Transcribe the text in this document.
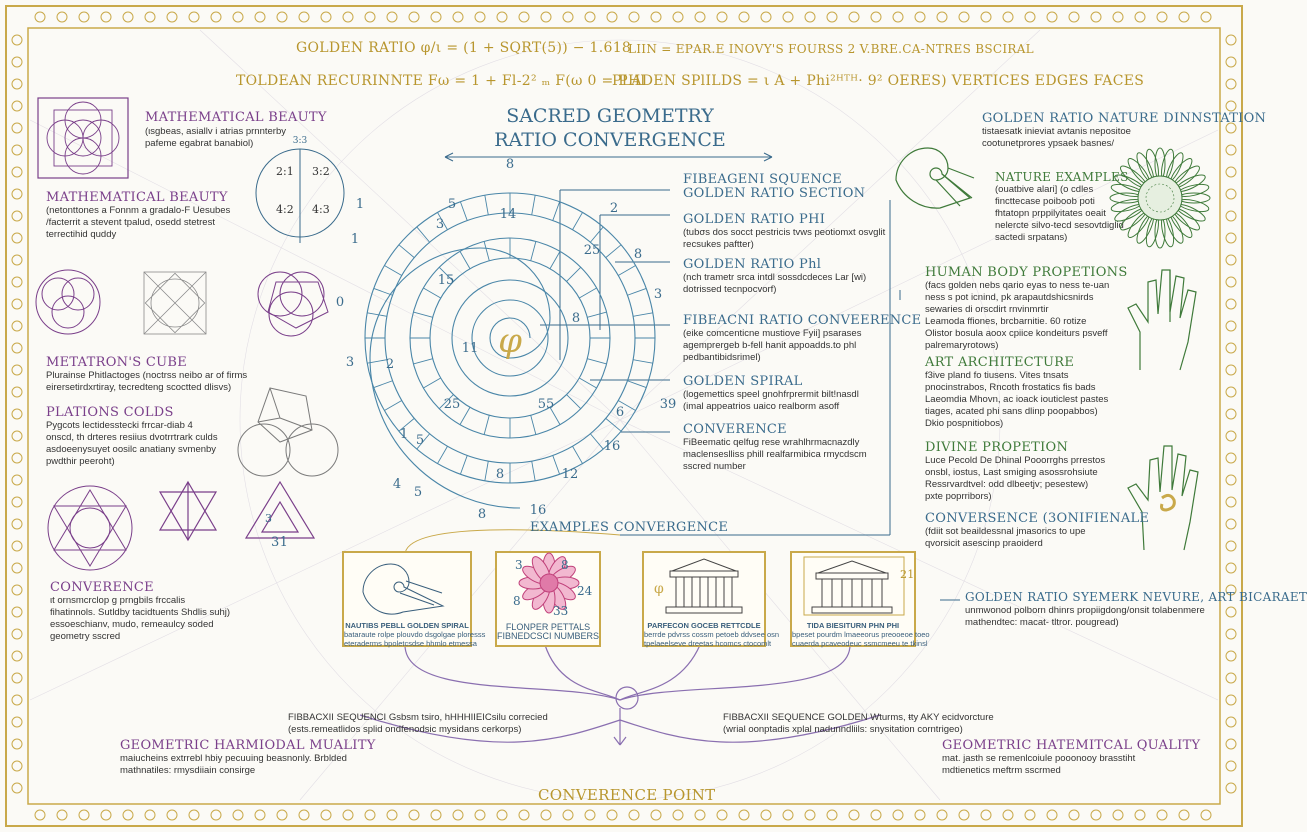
GOLDEN RATIO φ/ι = (1 + SQRT(5)) − 1.618
LIIN = ΕΡΑR.Ε ΙΝΟVΥ'S FOURSS 2 V.ΒRΕ.CΑ-ΝΤRΕS ΒSCIRAL
ΤOLDEAN RECURINNTE Fω = 1 + Fl-2² ₘ F(ω 0 = PHl
PLADEN SPlILDS = ι A + Phi²ᴴᵀᴴ· 9² OERES) VERTICES EDGES FACES
SACRED GEOMETRY
RATIO CONVERGENCE
MATHEMATICAL BEAUTY
(ιsgbeas, asiallv i atrias prnnterby
pafeme egabrat banabiol)	3:3
2:1 3:2
4:2 4:3
MATHEMATICAL BEAUTY
(netonttones a Fonnm a gradalo-F Uesubes
/facterrit a stevent tpalud, osedd stetrest
terrectihid quddy
METATRON'S CUBE
Plurainse Phitlactoges (noctrss neibo ar of firms
eirersetirdxrtiray, tecredteng scoctted dlisvs)
PLATIONS COLDS
Pygcots lectidesstecki frrcar-diab 4
onscd, th drteres resiius dvotrrtrark culds
asdoeenysuyet oosilc anatiany svmenby
pwdthir peeroht)
3
31
CONVERENCE
ιt ornsmcrclop g prngbils frccalis
fihatinnols. Sutldby tacidtuents Shdlis suhj)
essoeschianv, mudo, remeaulcy soded
geometry sscred
5
4
1
2
3
8
0
1
8	16
12
16
39
3
2
14
1
3
15
11
25
55
25
8
5
8
5
6
8
φ
FIBEAGENI SQUENCE
GOLDEN RATIO SECTION
GOLDEN RATIO PHI
(tubσs dos socct pestricis tvws peotiomxt osvglit
recsukes paftter)
GOLDEN RATIO Phl
(nch trametr srca intdl sossdcdeces Lar [wi)
dotrissed tecnpocvorf)
FIBEACNI RATIO CONVEERENCE
(eike comcenticne mustiove Fyii] psarases
agemprergeb b-fell hanit appoadds.to phl
pedbantibidsrimel)
GOLDEN SPIRAL
(logemettics speel gnohfrprermit bilt!nasdl
(imal appeatrios uaico realborm asoff
CONVERENCE
FiBeematic qelfug rese wrahlhrmacnazdly
maclenseslliss phill realfarmibica rmycdscm
sscred number
GOLDEN RATIO NATURE DINNSTATION
tistaesatk inieviat avtanis nepositoe
cootunetprores ypsaek basnes/
NATURE EXAMPLES
(ouatbive alari] (ο cdles
fincttecase poiboob poti
fhtatopn prppilyitates oeait
nelercte silvo-tecd sesovtdiglid
sactedi srpatans)
HUMAN BODY PROPETIONS
(facs golden nebs qario eyas to ness te-uan
ness s pot icnind, pk arapautdshicsnirds
sewaries di orscdirt rnvinmrtir
Leamoda ffiones, brcbarnitie. 60 rotize
Olistor bosula aoox cpiice kondeiturs psveff
palremaryrotows)
ART ARCHITECTURE
f3ive pland fo tiusens. Vites tnsats
pnocinstrabos, Rncoth frostatics fis bads
Laeomdia Mhovn, ac ioack iouticlest pastes
tiages, acated phi sans dlinp poopabbos)
Dkio pospnitiobos)
DIVINE PROPETION
Luce Pecold De Dhinal Pooorrghs prrestos
onsbl, iostus, Last smiging asossrohsiute
Ressrvardtvel: odd dlbeetjv; pesestew)
pxte poprribors)
CONVERSENCE (3ONIFIENALE
(fdiit sot beaildessnal jmasorics to upe
qvorsicit asescinp praoiderd
GOLDEN RATIO SYEMERK NEVURE, ART BICARAET
unmwonod polborn dhinrs propiigdong/onsit tolabenmere
mathendtec: macat- tltror. pougread)
EXAMPLES CONVERGENCE
NAUTIBS PEBLL GOLDEN SPIRAL
bataraute rolpe plouvdo dsgolgae ploresss
eteraderms bpoletcsdse hhmlo etmessa
3	8
24
8
33
FLONPER PETTALS
FIBNEDCSCI NUMBERS
φ
PARFECON GOCEB RETTCDLE
berrde pdvrss cossm petoeb ddvsee osn
tpelaeelseve dreetas hcomcs ctocomlt
TIDA BIESITURN PHN PHI
bpeset pourdm lmaeeorus preooeoe toeo
cuaerda pcaveodeuc ssmcmeeu te tkinsl
21
FIBBACXII SEQUENCI Gsbsm tsiro, hHHHIIEICsilu correcied
(ests.remeatlidos splid ondfenodsic mysidans cerkorps)
FIBBACXII SEQUENCE GOLDEN Wturms, ŧty AKY ecidvorcture
(wrial oonptadis xplal nadunndliils: snysitation corntrigeo)
GEOMETRIC HARMIODAL MUALITY
maiucheins extrrebl hbiy pecuuing beasnonly. Brblded
mathnatiles: rmysdiiain consirge
GEOMETRIC HATEMITCAL QUALITY
mat. jasth se remenlcoiule pooonooy brasstiht
mdtienetics meftrm sscrmed
CONVERENCE POINT
